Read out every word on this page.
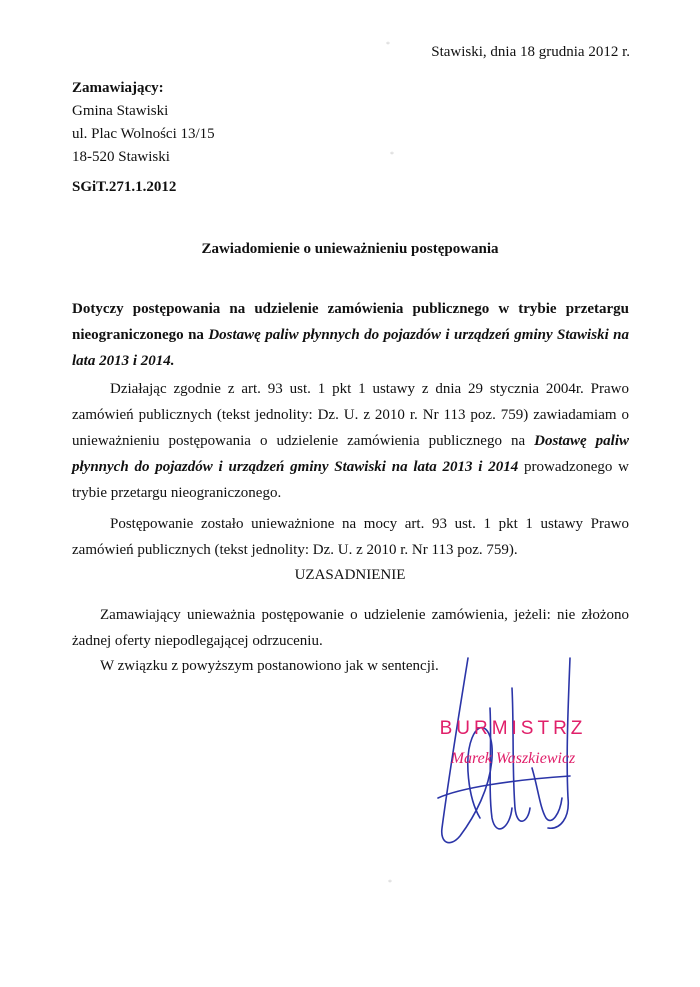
Stawiski, dnia 18 grudnia 2012 r.

Zamawiający:
Gmina Stawiski
ul. Plac Wolności 13/15
18-520 Stawiski

SGiT.271.1.2012

Zawiadomienie o unieważnieniu postępowania

Dotyczy postępowania na udzielenie zamówienia publicznego w trybie przetargu nieograniczonego na Dostawę paliw płynnych do pojazdów i urządzeń gminy Stawiski na lata 2013 i 2014.

Działając zgodnie z art. 93 ust. 1 pkt 1 ustawy z dnia 29 stycznia 2004r. Prawo zamówień publicznych (tekst jednolity: Dz. U. z 2010 r. Nr 113 poz. 759) zawiadamiam o unieważnieniu postępowania o udzielenie zamówienia publicznego na Dostawę paliw płynnych do pojazdów i urządzeń gminy Stawiski na lata 2013 i 2014 prowadzonego w trybie przetargu nieograniczonego.

Postępowanie zostało unieważnione na mocy art. 93 ust. 1 pkt 1 ustawy Prawo zamówień publicznych (tekst jednolity: Dz. U. z 2010 r. Nr 113 poz. 759).

UZASADNIENIE

Zamawiający unieważnia postępowanie o udzielenie zamówienia, jeżeli: nie złożono żadnej oferty niepodlegającej odrzuceniu.

W związku z powyższym postanowiono jak w sentencji.

BURMISTRZ
Marek Waszkiewicz
*
*
*
